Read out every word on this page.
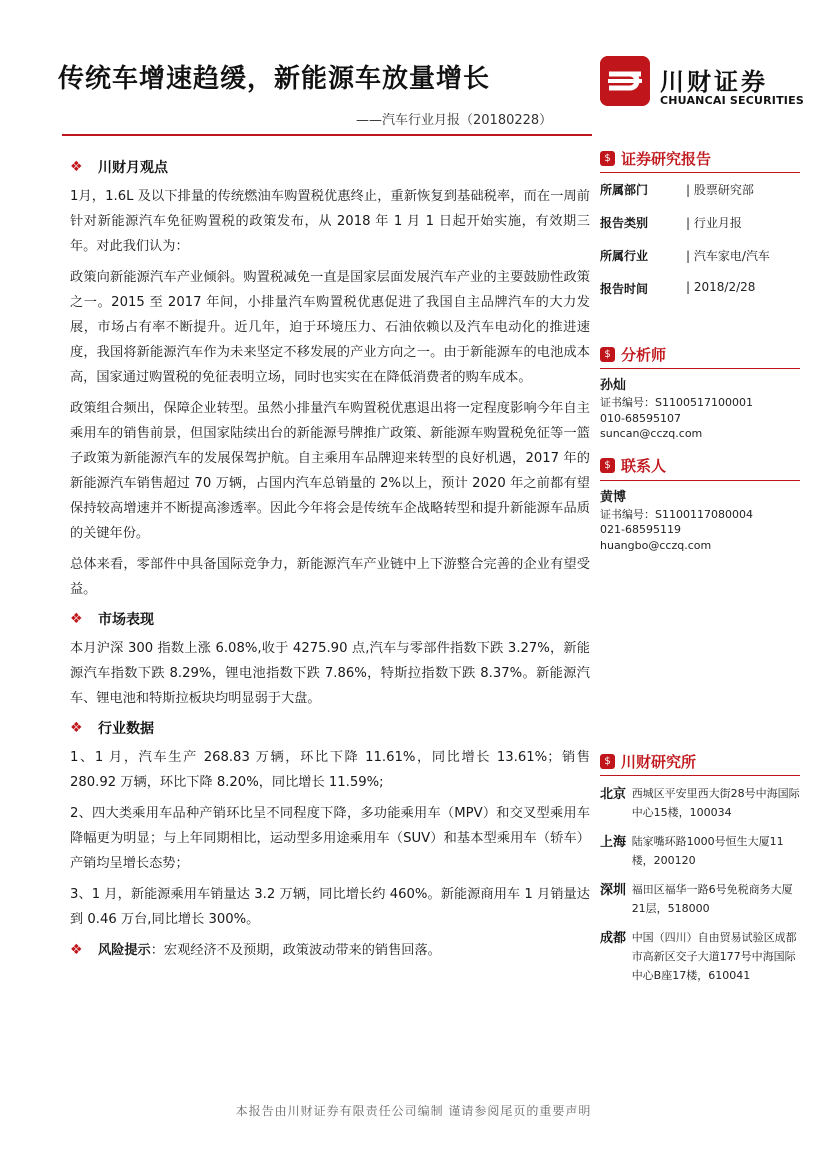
传统车增速趋缓，新能源车放量增长
——汽车行业月报（20180228）
川财证券
CHUANCAI SECURITIES
❖	川财月观点

1月，1.6L 及以下排量的传统燃油车购置税优惠终止，重新恢复到基础税率，而在一周前针对新能源汽车免征购置税的政策发布，从 2018 年 1 月 1 日起开始实施，有效期三年。对此我们认为：

政策向新能源汽车产业倾斜。购置税减免一直是国家层面发展汽车产业的主要鼓励性政策之一。2015 至 2017 年间，小排量汽车购置税优惠促进了我国自主品牌汽车的大力发展，市场占有率不断提升。近几年，迫于环境压力、石油依赖以及汽车电动化的推进速度，我国将新能源汽车作为未来坚定不移发展的产业方向之一。由于新能源车的电池成本高，国家通过购置税的免征表明立场，同时也实实在在降低消费者的购车成本。

政策组合频出，保障企业转型。虽然小排量汽车购置税优惠退出将一定程度影响今年自主乘用车的销售前景，但国家陆续出台的新能源号牌推广政策、新能源车购置税免征等一篮子政策为新能源汽车的发展保驾护航。自主乘用车品牌迎来转型的良好机遇，2017 年的新能源汽车销售超过 70 万辆，占国内汽车总销量的 2%以上，预计 2020 年之前都有望保持较高增速并不断提高渗透率。因此今年将会是传统车企战略转型和提升新能源车品质的关键年份。

总体来看，零部件中具备国际竞争力，新能源汽车产业链中上下游整合完善的企业有望受益。

❖	市场表现

本月沪深 300 指数上涨 6.08%,收于 4275.90 点,汽车与零部件指数下跌 3.27%，新能源汽车指数下跌 8.29%，锂电池指数下跌 7.86%，特斯拉指数下跌 8.37%。新能源汽车、锂电池和特斯拉板块均明显弱于大盘。

❖	行业数据

1、1 月，汽车生产 268.83 万辆，环比下降 11.61%，同比增长 13.61%；销售 280.92 万辆，环比下降 8.20%，同比增长 11.59%;

2、四大类乘用车品种产销环比呈不同程度下降，多功能乘用车（MPV）和交叉型乘用车降幅更为明显；与上年同期相比，运动型多用途乘用车（SUV）和基本型乘用车（轿车）产销均呈增长态势；

3、1 月，新能源乘用车销量达 3.2 万辆，同比增长约 460%。新能源商用车 1 月销量达到 0.46 万台,同比增长 300%。

❖	风险提示 ：宏观经济不及预期，政策波动带来的销售回落。
$ 证券研究报告
所属部门	| 股票研究部
报告类别	| 行业月报
所属行业	| 汽车家电/汽车
报告时间	| 2018/2/28
$ 分析师
孙灿
证书编号：S1100517100001
010-68595107
suncan@cczq.com
$ 联系人
黄博
证书编号：S1100117080004
021-68595119
huangbo@cczq.com
$ 川财研究所
北京 西城区平安里西大街28号中海国际中心15楼，100034
上海 陆家嘴环路1000号恒生大厦11楼，200120
深圳 福田区福华一路6号免税商务大厦21层，518000
成都 中国（四川）自由贸易试验区成都市高新区交子大道177号中海国际中心B座17楼，610041
本报告由川财证券有限责任公司编制 谨请参阅尾页的重要声明
